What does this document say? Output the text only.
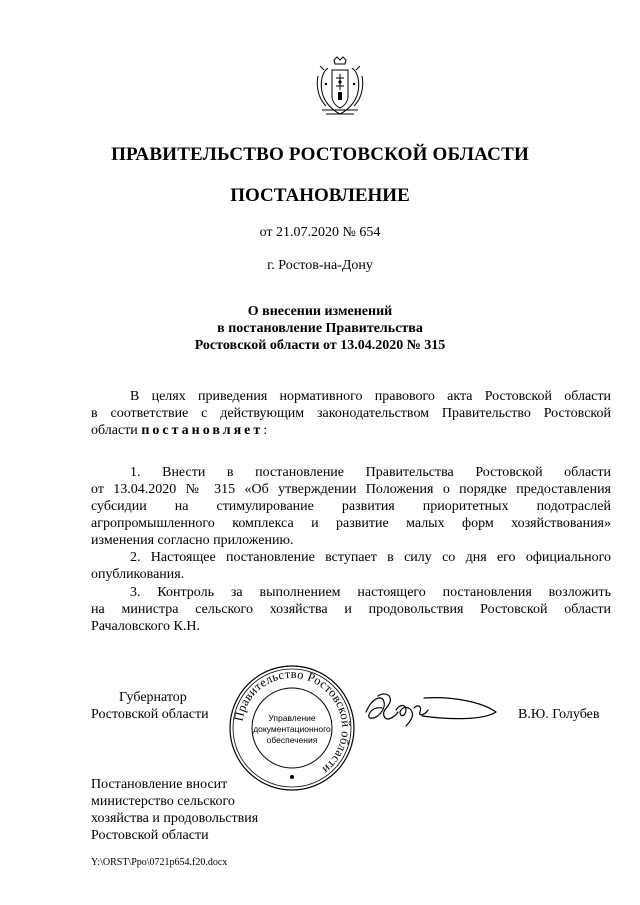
ПРАВИТЕЛЬСТВО РОСТОВСКОЙ ОБЛАСТИ
ПОСТАНОВЛЕНИЕ
от 21.07.2020 № 654
г. Ростов-на-Дону
О внесении изменений
в постановление Правительства
Ростовской области от 13.04.2020 № 315
В целях приведения нормативного правового акта Ростовской области
в соответствие с действующим законодательством Правительство Ростовской
области постановляет:
1. Внести в постановление Правительства Ростовской области
от 13.04.2020 № 315 «Об утверждении Положения о порядке предоставления
субсидии на стимулирование развития приоритетных подотраслей
агропромышленного комплекса и развитие малых форм хозяйствования»
изменения согласно приложению.
2. Настоящее постановление вступает в силу со дня его официального
опубликования.
3. Контроль за выполнением настоящего постановления возложить
на министра сельского хозяйства и продовольствия Ростовской области
Рачаловского К.Н.
Губернатор
Ростовской области	В.Ю. Голубев
Правительство Ростовской области
Управление
документационного
обеспечения
Постановление вносит
министерство сельского
хозяйства и продовольствия
Ростовской области
Y:\ORST\Ppo\0721p654.f20.docx
